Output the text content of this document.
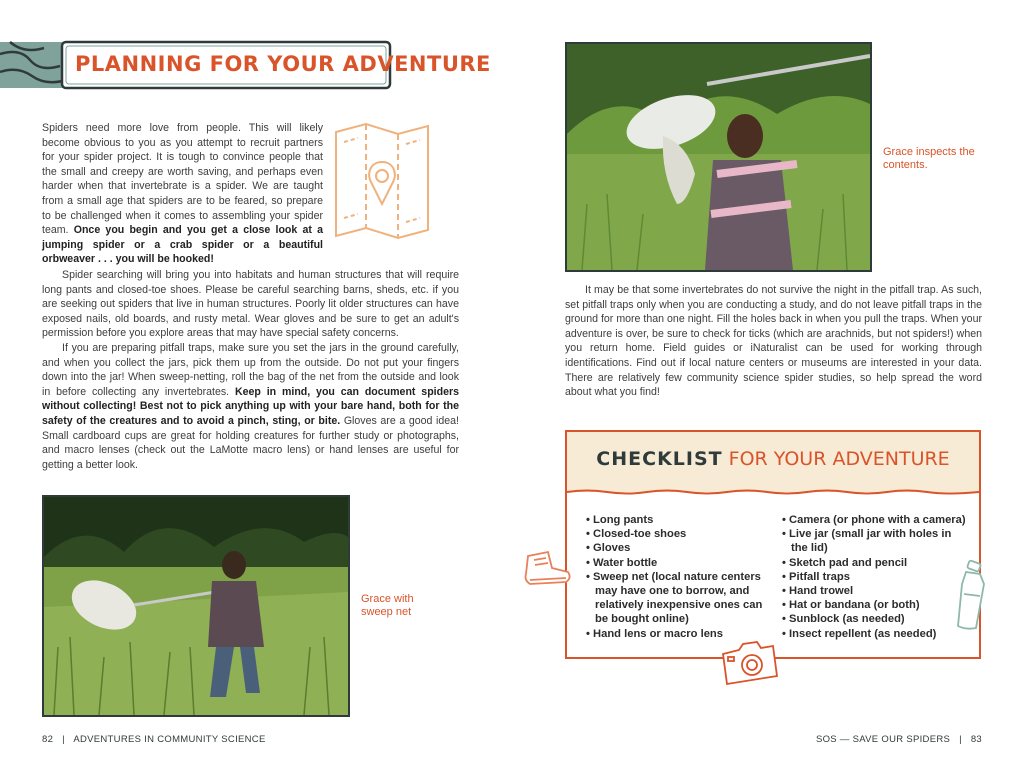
PLANNING FOR YOUR ADVENTURE

Spiders need more love from people. This will likely become obvious to you as you attempt to recruit partners for your spider project. It is tough to convince people that the small and creepy are worth saving, and perhaps even harder when that invertebrate is a spider. We are taught from a small age that spiders are to be feared, so prepare to be challenged when it comes to assembling your spider team. Once you begin and you get a close look at a jumping spider or a crab spider or a beautiful orbweaver . . . you will be hooked!

Spider searching will bring you into habitats and human structures that will require long pants and closed-toe shoes. Please be careful searching barns, sheds, etc. if you are seeking out spiders that live in human structures. Poorly lit older structures can have exposed nails, old boards, and rusty metal. Wear gloves and be sure to get an adult's permission before you explore areas that may have special safety concerns.

If you are preparing pitfall traps, make sure you set the jars in the ground carefully, and when you collect the jars, pick them up from the outside. Do not put your fingers down into the jar! When sweep-netting, roll the bag of the net from the outside and look in before collecting any invertebrates. Keep in mind, you can document spiders without collecting! Best not to pick anything up with your bare hand, both for the safety of the creatures and to avoid a pinch, sting, or bite. Gloves are a good idea! Small cardboard cups are great for holding creatures for further study or photographs, and macro lenses (check out the LaMotte macro lens) or hand lenses are useful for getting a better look.

Grace with sweep net
82 | ADVENTURES IN COMMUNITY SCIENCE
Grace inspects the contents.

It may be that some invertebrates do not survive the night in the pitfall trap. As such, set pitfall traps only when you are conducting a study, and do not leave pitfall traps in the ground for more than one night. Fill the holes back in when you pull the traps. When your adventure is over, be sure to check for ticks (which are arachnids, but not spiders!) when you return home. Field guides or iNaturalist can be used for working through identifications. Find out if local nature centers or museums are interested in your data. There are relatively few community science spider studies, so help spread the word about what you find!

CHECKLIST FOR YOUR ADVENTURE
• Long pants
• Closed-toe shoes
• Gloves
• Water bottle
• Sweep net (local nature centers may have one to borrow, and relatively inexpensive ones can be bought online)
• Hand lens or macro lens
• Camera (or phone with a camera)
• Live jar (small jar with holes in the lid)
• Sketch pad and pencil
• Pitfall traps
• Hand trowel
• Hat or bandana (or both)
• Sunblock (as needed)
• Insect repellent (as needed)
SOS — SAVE OUR SPIDERS | 83
